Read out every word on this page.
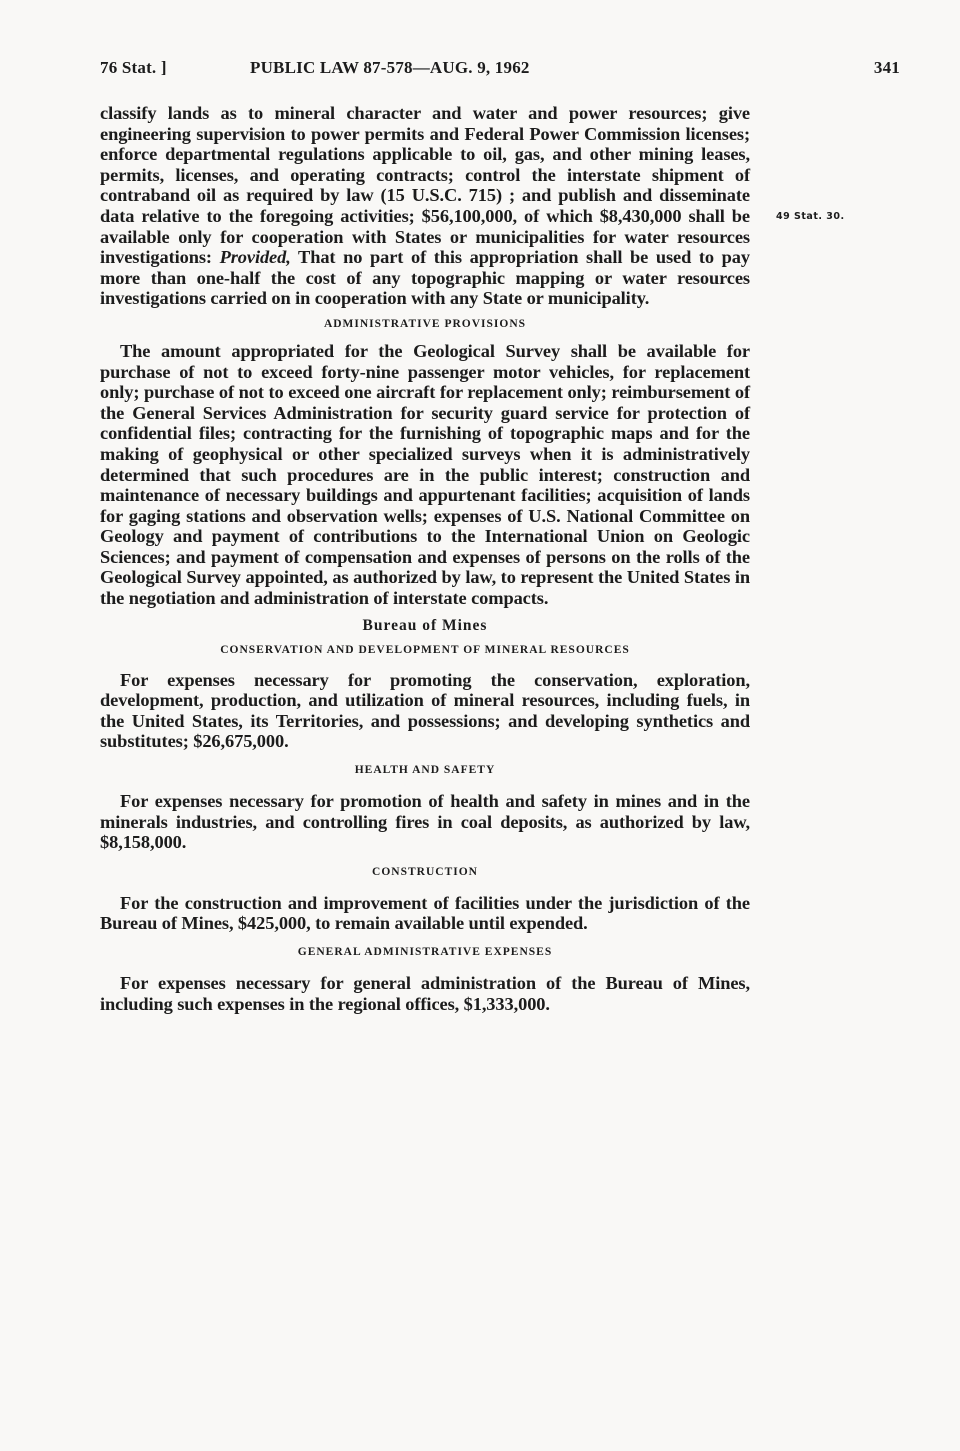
76 Stat. ]	PUBLIC LAW 87-578—AUG. 9, 1962	341
49 Stat. 30.

classify lands as to mineral character and water and power resources; give engineering supervision to power permits and Federal Power Commission licenses; enforce departmental regulations applicable to oil, gas, and other mining leases, permits, licenses, and operating contracts; control the interstate shipment of contraband oil as required by law (15 U.S.C. 715) ; and publish and disseminate data relative to the foregoing activities; $56,100,000, of which $8,430,000 shall be available only for cooperation with States or municipalities for water resources investigations: Provided, That no part of this appropriation shall be used to pay more than one-half the cost of any topographic mapping or water resources investigations carried on in cooperation with any State or municipality.

ADMINISTRATIVE PROVISIONS

The amount appropriated for the Geological Survey shall be available for purchase of not to exceed forty-nine passenger motor vehicles, for replacement only; purchase of not to exceed one aircraft for replacement only; reimbursement of the General Services Administration for security guard service for protection of confidential files; contracting for the furnishing of topographic maps and for the making of geophysical or other specialized surveys when it is administratively determined that such procedures are in the public interest; construction and maintenance of necessary buildings and appurtenant facilities; acquisition of lands for gaging stations and observation wells; expenses of U.S. National Committee on Geology and payment of contributions to the International Union on Geologic Sciences; and payment of compensation and expenses of persons on the rolls of the Geological Survey appointed, as authorized by law, to represent the United States in the negotiation and administration of interstate compacts.

Bureau of Mines

CONSERVATION AND DEVELOPMENT OF MINERAL RESOURCES

For expenses necessary for promoting the conservation, exploration, development, production, and utilization of mineral resources, including fuels, in the United States, its Territories, and possessions; and developing synthetics and substitutes; $26,675,000.

HEALTH AND SAFETY

For expenses necessary for promotion of health and safety in mines and in the minerals industries, and controlling fires in coal deposits, as authorized by law, $8,158,000.

CONSTRUCTION

For the construction and improvement of facilities under the jurisdiction of the Bureau of Mines, $425,000, to remain available until expended.

GENERAL ADMINISTRATIVE EXPENSES

For expenses necessary for general administration of the Bureau of Mines, including such expenses in the regional offices, $1,333,000.
